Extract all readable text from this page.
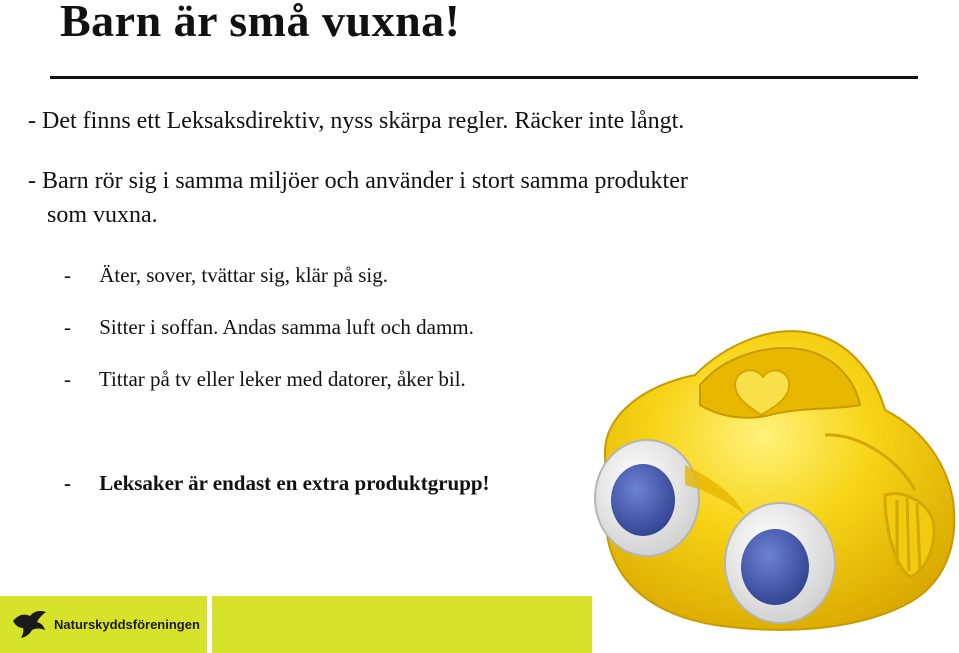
Barn är små vuxna!
- Det finns ett Leksaksdirektiv, nyss skärpa regler. Räcker inte långt.
- Barn rör sig i samma miljöer och använder i stort samma produkter
som vuxna.
- Äter, sover, tvättar sig, klär på sig.
- Sitter i soffan. Andas samma luft och damm.
- Tittar på tv eller leker med datorer, åker bil.
- Leksaker är endast en extra produktgrupp!
Naturskyddsföreningen
